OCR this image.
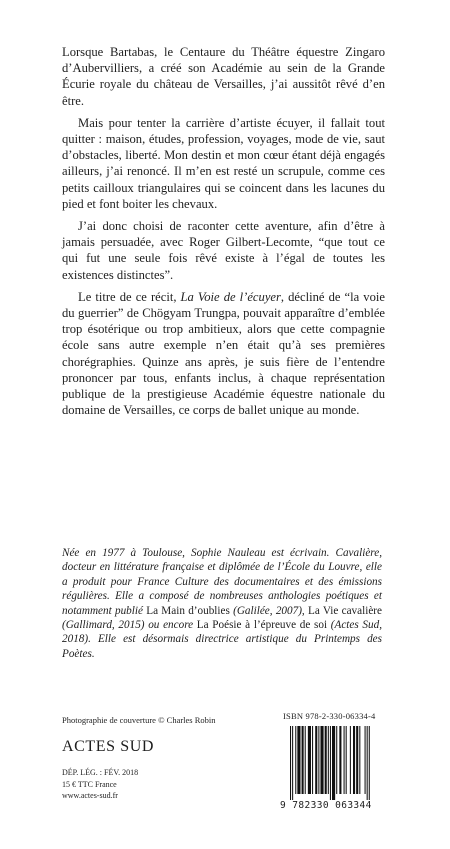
Lorsque Bartabas, le Centaure du Théâtre équestre Zingaro d’Aubervilliers, a créé son Académie au sein de la Grande Écurie royale du château de Versailles, j’ai aussitôt rêvé d’en être.

Mais pour tenter la carrière d’artiste écuyer, il fallait tout quitter : maison, études, profession, voyages, mode de vie, saut d’obstacles, liberté. Mon destin et mon cœur étant déjà engagés ailleurs, j’ai renoncé. Il m’en est resté un scrupule, comme ces petits cailloux triangulaires qui se coincent dans les lacunes du pied et font boiter les chevaux.

J’ai donc choisi de raconter cette aventure, afin d’être à jamais persuadée, avec Roger Gilbert-Lecomte, “que tout ce qui fut une seule fois rêvé existe à l’égal de toutes les existences distinctes”.

Le titre de ce récit, La Voie de l’écuyer, décliné de “la voie du guerrier” de Chögyam Trungpa, pouvait apparaître d’emblée trop ésotérique ou trop ambitieux, alors que cette compagnie école sans autre exemple n’en était qu’à ses premières chorégraphies. Quinze ans après, je suis fière de l’entendre prononcer par tous, enfants inclus, à chaque représentation publique de la prestigieuse Académie équestre nationale du domaine de Versailles, ce corps de ballet unique au monde.

Née en 1977 à Toulouse, Sophie Nauleau est écrivain. Cavalière, docteur en littérature française et diplômée de l’École du Louvre, elle a produit pour France Culture des documentaires et des émissions régulières. Elle a composé de nombreuses anthologies poétiques et notamment publié La Main d’oublies (Galilée, 2007), La Vie cavalière (Gallimard, 2015) ou encore La Poésie à l’épreuve de soi (Actes Sud, 2018). Elle est désormais directrice artistique du Printemps des Poètes.
Photographie de couverture © Charles Robin	ISBN 978-2-330-06334-4
ACTES SUD
DÉP. LÉG. : FÉV. 2018
15 € TTC France
www.actes-sud.fr
9 782330 063344
